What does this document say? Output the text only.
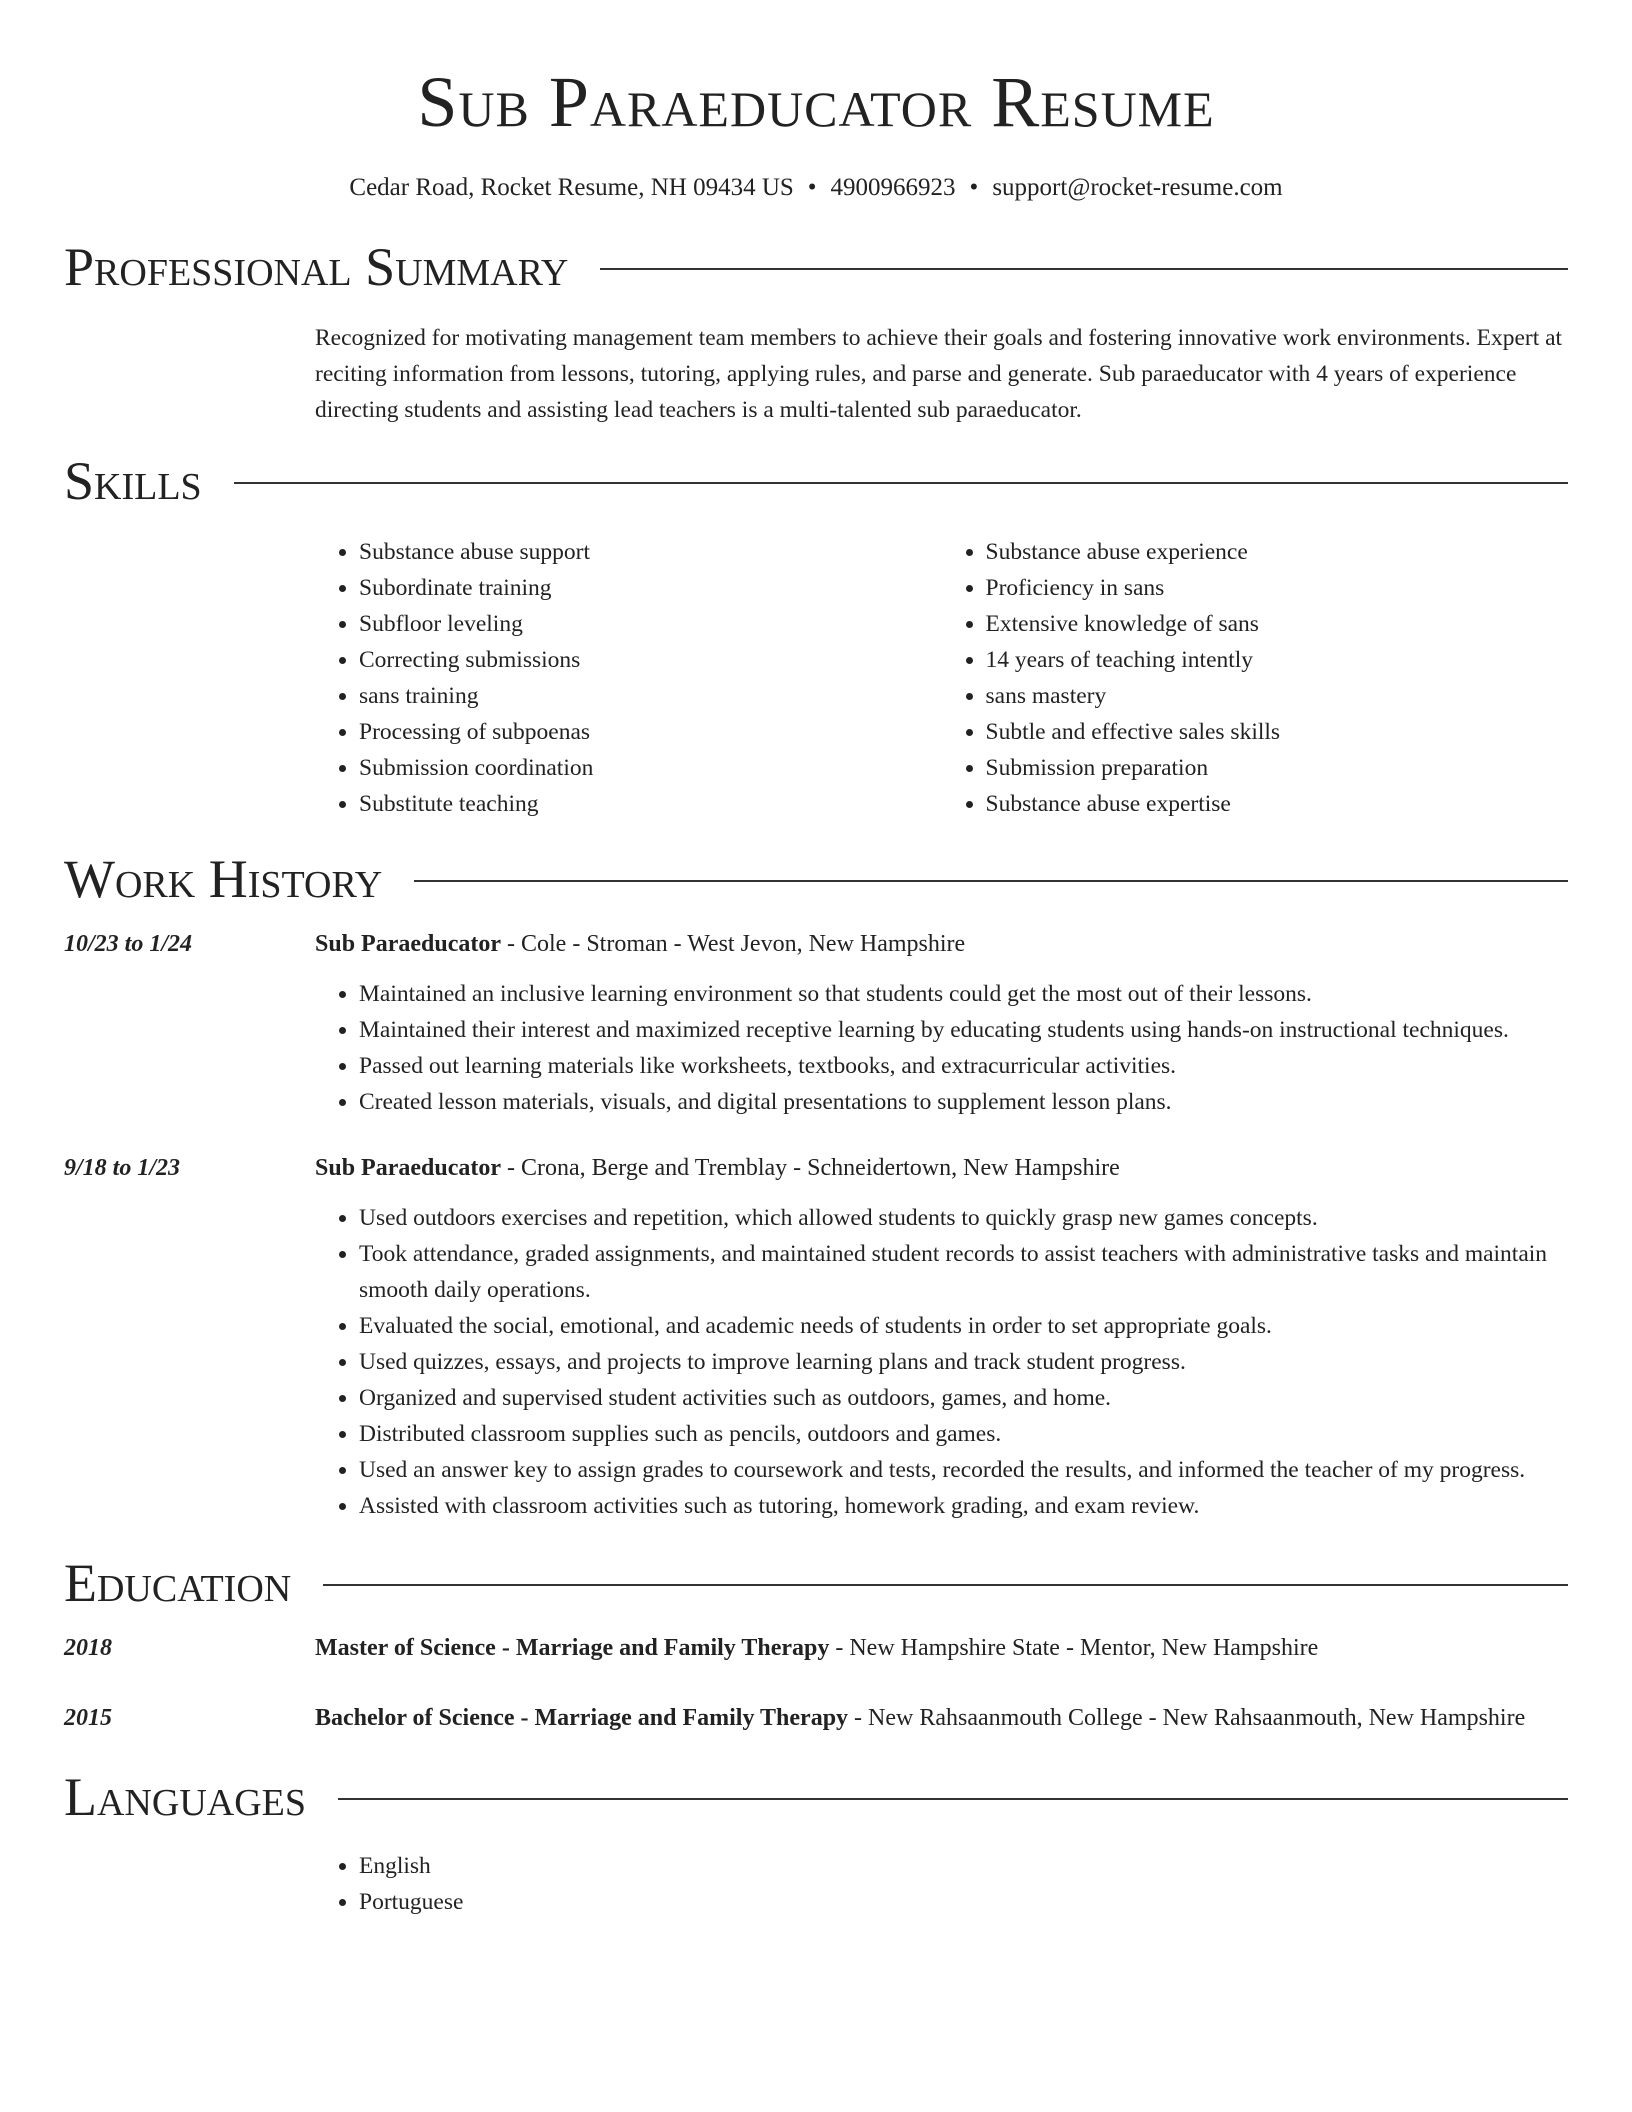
Sub Paraeducator Resume
Cedar Road, Rocket Resume, NH 09434 US • 4900966923 • support@rocket-resume.com
Professional Summary
Recognized for motivating management team members to achieve their goals and fostering innovative work environments. Expert at reciting information from lessons, tutoring, applying rules, and parse and generate. Sub paraeducator with 4 years of experience directing students and assisting lead teachers is a multi-talented sub paraeducator.
Skills
• Substance abuse support
• Subordinate training
• Subfloor leveling
• Correcting submissions
• sans training
• Processing of subpoenas
• Submission coordination
• Substitute teaching
• Substance abuse experience
• Proficiency in sans
• Extensive knowledge of sans
• 14 years of teaching intently
• sans mastery
• Subtle and effective sales skills
• Submission preparation
• Substance abuse expertise
Work History
10/23 to 1/24	Sub Paraeducator - Cole - Stroman - West Jevon, New Hampshire
• Maintained an inclusive learning environment so that students could get the most out of their lessons.
• Maintained their interest and maximized receptive learning by educating students using hands-on instructional techniques.
• Passed out learning materials like worksheets, textbooks, and extracurricular activities.
• Created lesson materials, visuals, and digital presentations to supplement lesson plans.
9/18 to 1/23	Sub Paraeducator - Crona, Berge and Tremblay - Schneidertown, New Hampshire
• Used outdoors exercises and repetition, which allowed students to quickly grasp new games concepts.
• Took attendance, graded assignments, and maintained student records to assist teachers with administrative tasks and maintain smooth daily operations.
• Evaluated the social, emotional, and academic needs of students in order to set appropriate goals.
• Used quizzes, essays, and projects to improve learning plans and track student progress.
• Organized and supervised student activities such as outdoors, games, and home.
• Distributed classroom supplies such as pencils, outdoors and games.
• Used an answer key to assign grades to coursework and tests, recorded the results, and informed the teacher of my progress.
• Assisted with classroom activities such as tutoring, homework grading, and exam review.
Education
2018	Master of Science - Marriage and Family Therapy - New Hampshire State - Mentor, New Hampshire
2015	Bachelor of Science - Marriage and Family Therapy - New Rahsaanmouth College - New Rahsaanmouth, New Hampshire
Languages
• English
• Portuguese
